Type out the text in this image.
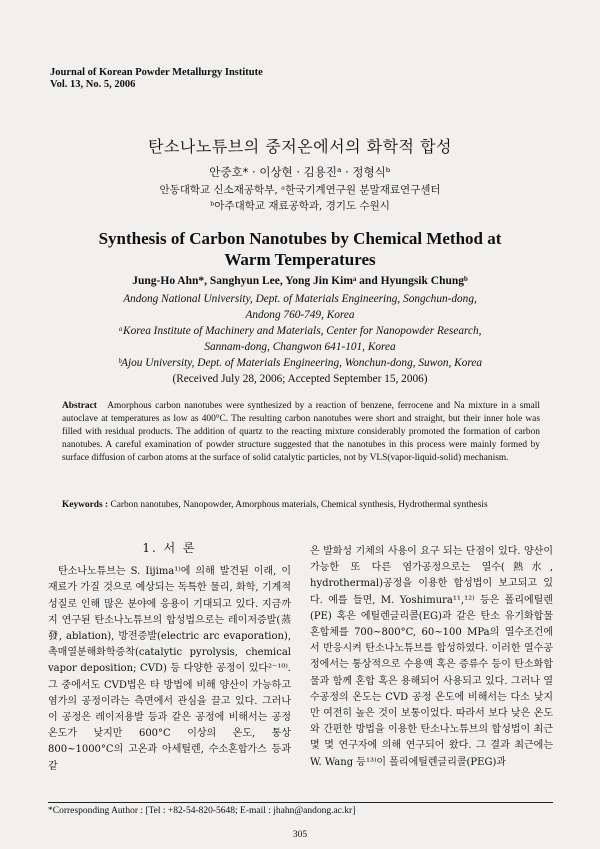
Journal of Korean Powder Metallurgy Institute
Vol. 13, No. 5, 2006
탄소나노튜브의 중저온에서의 화학적 합성
안중호* · 이상현 · 김용진ᵃ · 정형식ᵇ
안동대학교 신소재공학부, ᵃ한국기계연구원 분말재료연구센터
ᵇ아주대학교 재료공학과, 경기도 수원시
Synthesis of Carbon Nanotubes by Chemical Method at
Warm Temperatures
Jung-Ho Ahn*, Sanghyun Lee, Yong Jin Kimᵃ and Hyungsik Chungᵇ
Andong National University, Dept. of Materials Engineering, Songchun-dong,
Andong 760-749, Korea
ᵃKorea Institute of Machinery and Materials, Center for Nanopowder Research,
Sannam-dong, Changwon 641-101, Korea
ᵇAjou University, Dept. of Materials Engineering, Wonchun-dong, Suwon, Korea
(Received July 28, 2006; Accepted September 15, 2006)
Abstract Amorphous carbon nanotubes were synthesized by a reaction of benzene, ferrocene and Na mixture in a small autoclave at temperatures as low as 400°C. The resulting carbon nanotubes were short and straight, but their inner hole was filled with residual products. The addition of quartz to the reacting mixture considerably promoted the formation of carbon nanotubes. A careful examination of powder structure suggested that the nanotubes in this process were mainly formed by surface diffusion of carbon atoms at the surface of solid catalytic particles, not by VLS(vapor-liquid-solid) mechanism.
Keywords : Carbon nanotubes, Nanopowder, Amorphous materials, Chemical synthesis, Hydrothermal synthesis
1. 서 론

탄소나노튜브는 S. Iijima¹⁾에 의해 발견된 이래, 이 재료가 가질 것으로 예상되는 독특한 물리, 화학, 기계적 성질로 인해 많은 분야에 응용이 기대되고 있다. 지금까지 연구된 탄소나노튜브의 합성법으로는 레이저증발(蒸發, ablation), 방전증발(electric arc evaporation), 촉매열분해화학증착(catalytic pyrolysis, chemical vapor deposition; CVD) 등 다양한 공정이 있다²⁻¹⁰⁾. 그 중에서도 CVD법은 타 방법에 비해 양산이 가능하고 염가의 공정이라는 측면에서 관심을 끌고 있다. 그러나 이 공정은 레이저용발 등과 같은 공정에 비해서는 공정온도가 낮지만 600°C 이상의 온도, 통상 800~1000°C의 고온과 아세틸렌, 수소혼합가스 등과 같

은 발화성 기체의 사용이 요구 되는 단점이 있다. 양산이 가능한 또 다른 염가공정으로는 열수(熱水, hydrothermal)공정을 이용한 합성법이 보고되고 있다. 예를 들면, M. Yoshimura¹¹,¹²⁾ 등은 폴리에틸렌(PE) 혹은 에틸렌글리콜(EG)과 같은 탄소 유기화합물 혼합체를 700~800°C, 60~100 MPa의 열수조건에서 반응시켜 탄소나노튜브를 합성하였다. 이러한 열수공정에서는 통상적으로 수용액 혹은 증류수 등이 탄소화합물과 함께 혼합 혹은 용해되어 사용되고 있다. 그러나 열수공정의 온도는 CVD 공정 온도에 비해서는 다소 낮지만 여전히 높은 것이 보통이었다. 따라서 보다 낮은 온도와 간편한 방법을 이용한 탄소나노튜브의 합성법이 최근 몇 몇 연구자에 의해 연구되어 왔다. 그 결과 최근에는 W. Wang 등¹³⁾이 폴리에틸렌글리콜(PEG)과

*Corresponding Author : [Tel : +82-54-820-5648; E-mail : jhahn@andong.ac.kr]
305
